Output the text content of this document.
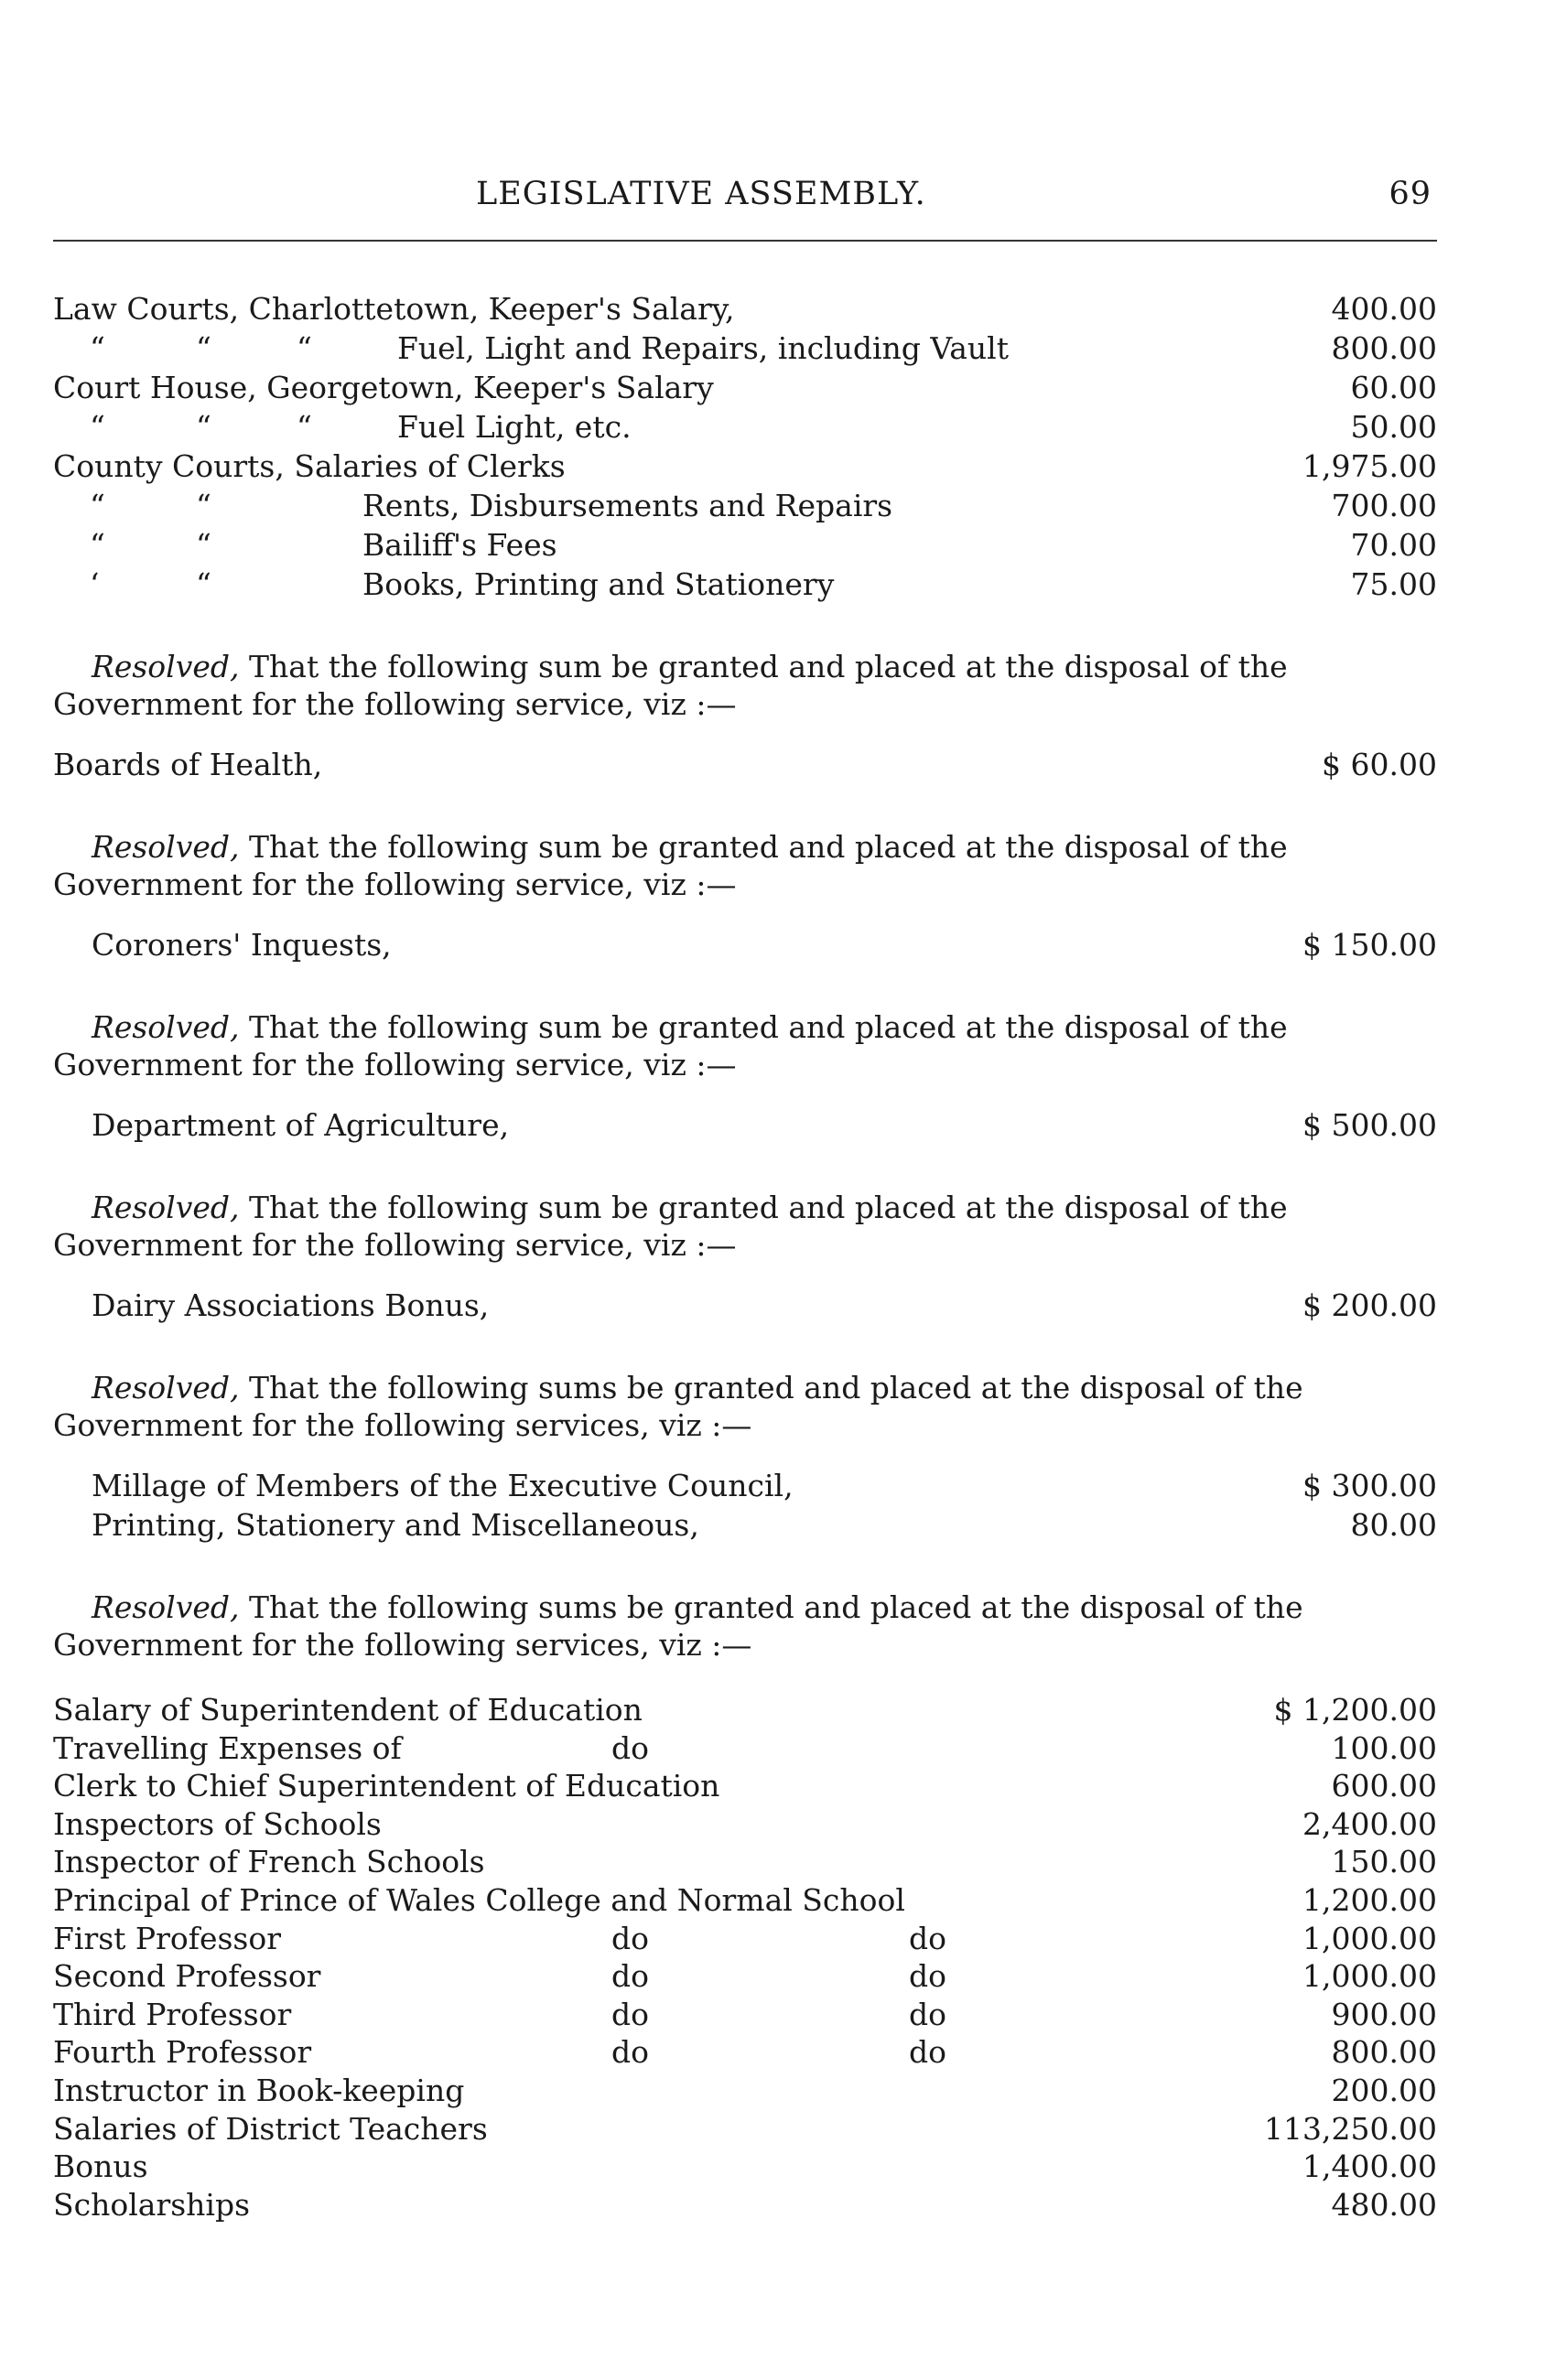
LEGISLATIVE ASSEMBLY.	69
Law Courts, Charlottetown, Keeper's Salary,	400.00
“	“	“	Fuel, Light and Repairs, including Vault	800.00
Court House, Georgetown, Keeper's Salary	60.00
“	“	“	Fuel Light, etc.	50.00
County Courts, Salaries of Clerks	1,975.00
“	“	Rents, Disbursements and Repairs	700.00
“	“	Bailiff's Fees	70.00
‘	“	Books, Printing and Stationery	75.00
Resolved, That the following sum be granted and placed at the disposal of the Government for the following service, viz :—
Boards of Health,	$ 60.00
Resolved, That the following sum be granted and placed at the disposal of the Government for the following service, viz :—
Coroners' Inquests,	$ 150.00
Resolved, That the following sum be granted and placed at the disposal of the Government for the following service, viz :—
Department of Agriculture,	$ 500.00
Resolved, That the following sum be granted and placed at the disposal of the Government for the following service, viz :—
Dairy Associations Bonus,	$ 200.00
Resolved, That the following sums be granted and placed at the disposal of the Government for the following services, viz :—
Millage of Members of the Executive Council,	$ 300.00
Printing, Stationery and Miscellaneous,	80.00
Resolved, That the following sums be granted and placed at the disposal of the Government for the following services, viz :—
Salary of Superintendent of Education	$ 1,200.00
Travelling Expenses of	do	100.00
Clerk to Chief Superintendent of Education	600.00
Inspectors of Schools	2,400.00
Inspector of French Schools	150.00
Principal of Prince of Wales College and Normal School	1,200.00
First Professor	do	do	1,000.00
Second Professor	do	do	1,000.00
Third Professor	do	do	900.00
Fourth Professor	do	do	800.00
Instructor in Book-keeping	200.00
Salaries of District Teachers	113,250.00
Bonus	1,400.00
Scholarships	480.00
